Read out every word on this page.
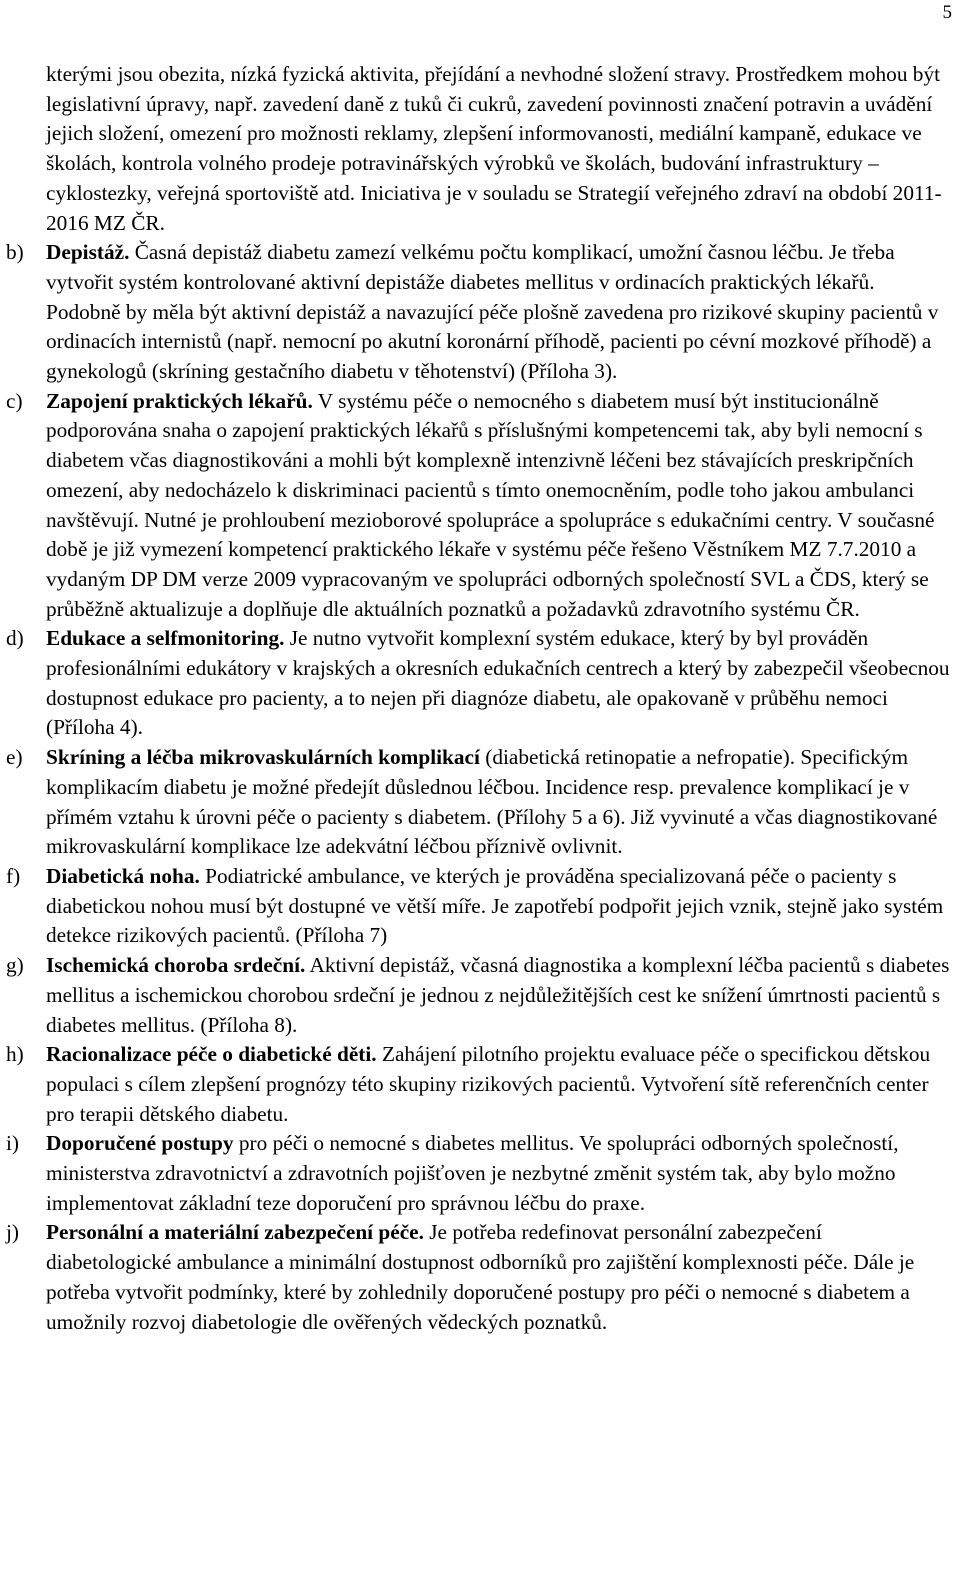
5

kterými jsou obezita, nízká fyzická aktivita, přejídání a nevhodné složení stravy. Prostředkem mohou být legislativní úpravy, např. zavedení daně z tuků či cukrů, zavedení povinnosti značení potravin a uvádění jejich složení, omezení pro možnosti reklamy, zlepšení informovanosti, mediální kampaně, edukace ve školách, kontrola volného prodeje potravinářských výrobků ve školách, budování infrastruktury – cyklostezky, veřejná sportoviště atd. Iniciativa je v souladu se Strategií veřejného zdraví na období 2011-2016 MZ ČR.

b)	Depistáž. Časná depistáž diabetu zamezí velkému počtu komplikací, umožní časnou léčbu. Je třeba vytvořit systém kontrolované aktivní depistáže diabetes mellitus v ordinacích praktických lékařů. Podobně by měla být aktivní depistáž a navazující péče plošně zavedena pro rizikové skupiny pacientů v ordinacích internistů (např. nemocní po akutní koronární příhodě, pacienti po cévní mozkové příhodě) a gynekologů (skríning gestačního diabetu v těhotenství) (Příloha 3).
c)	Zapojení praktických lékařů. V systému péče o nemocného s diabetem musí být institucionálně podporována snaha o zapojení praktických lékařů s příslušnými kompetencemi tak, aby byli nemocní s diabetem včas diagnostikováni a mohli být komplexně intenzivně léčeni bez stávajících preskripčních omezení, aby nedocházelo k diskriminaci pacientů s tímto onemocněním, podle toho jakou ambulanci navštěvují. Nutné je prohloubení mezioborové spolupráce a spolupráce s edukačními centry. V současné době je již vymezení kompetencí praktického lékaře v systému péče řešeno Věstníkem MZ 7.7.2010 a vydaným DP DM verze 2009 vypracovaným ve spolupráci odborných společností SVL a ČDS, který se průběžně aktualizuje a doplňuje dle aktuálních poznatků a požadavků zdravotního systému ČR.
d)	Edukace a selfmonitoring. Je nutno vytvořit komplexní systém edukace, který by byl prováděn profesionálními edukátory v krajských a okresních edukačních centrech a který by zabezpečil všeobecnou dostupnost edukace pro pacienty, a to nejen při diagnóze diabetu, ale opakovaně v průběhu nemoci (Příloha 4).
e)	Skríning a léčba mikrovaskulárních komplikací (diabetická retinopatie a nefropatie). Specifickým komplikacím diabetu je možné předejít důslednou léčbou. Incidence resp. prevalence komplikací je v přímém vztahu k úrovni péče o pacienty s diabetem. (Přílohy 5 a 6). Již vyvinuté a včas diagnostikované mikrovaskulární komplikace lze adekvátní léčbou příznivě ovlivnit.
f)	Diabetická noha. Podiatrické ambulance, ve kterých je prováděna specializovaná péče o pacienty s diabetickou nohou musí být dostupné ve větší míře. Je zapotřebí podpořit jejich vznik, stejně jako systém detekce rizikových pacientů. (Příloha 7)
g)	Ischemická choroba srdeční. Aktivní depistáž, včasná diagnostika a komplexní léčba pacientů s diabetes mellitus a ischemickou chorobou srdeční je jednou z nejdůležitějších cest ke snížení úmrtnosti pacientů s diabetes mellitus. (Příloha 8).
h)	Racionalizace péče o diabetické děti. Zahájení pilotního projektu evaluace péče o specifickou dětskou populaci s cílem zlepšení prognózy této skupiny rizikových pacientů. Vytvoření sítě referenčních center pro terapii dětského diabetu.
i)	Doporučené postupy pro péči o nemocné s diabetes mellitus. Ve spolupráci odborných společností, ministerstva zdravotnictví a zdravotních pojišťoven je nezbytné změnit systém tak, aby bylo možno implementovat základní teze doporučení pro správnou léčbu do praxe.
j)	Personální a materiální zabezpečení péče. Je potřeba redefinovat personální zabezpečení diabetologické ambulance a minimální dostupnost odborníků pro zajištění komplexnosti péče. Dále je potřeba vytvořit podmínky, které by zohlednily doporučené postupy pro péči o nemocné s diabetem a umožnily rozvoj diabetologie dle ověřených vědeckých poznatků.
